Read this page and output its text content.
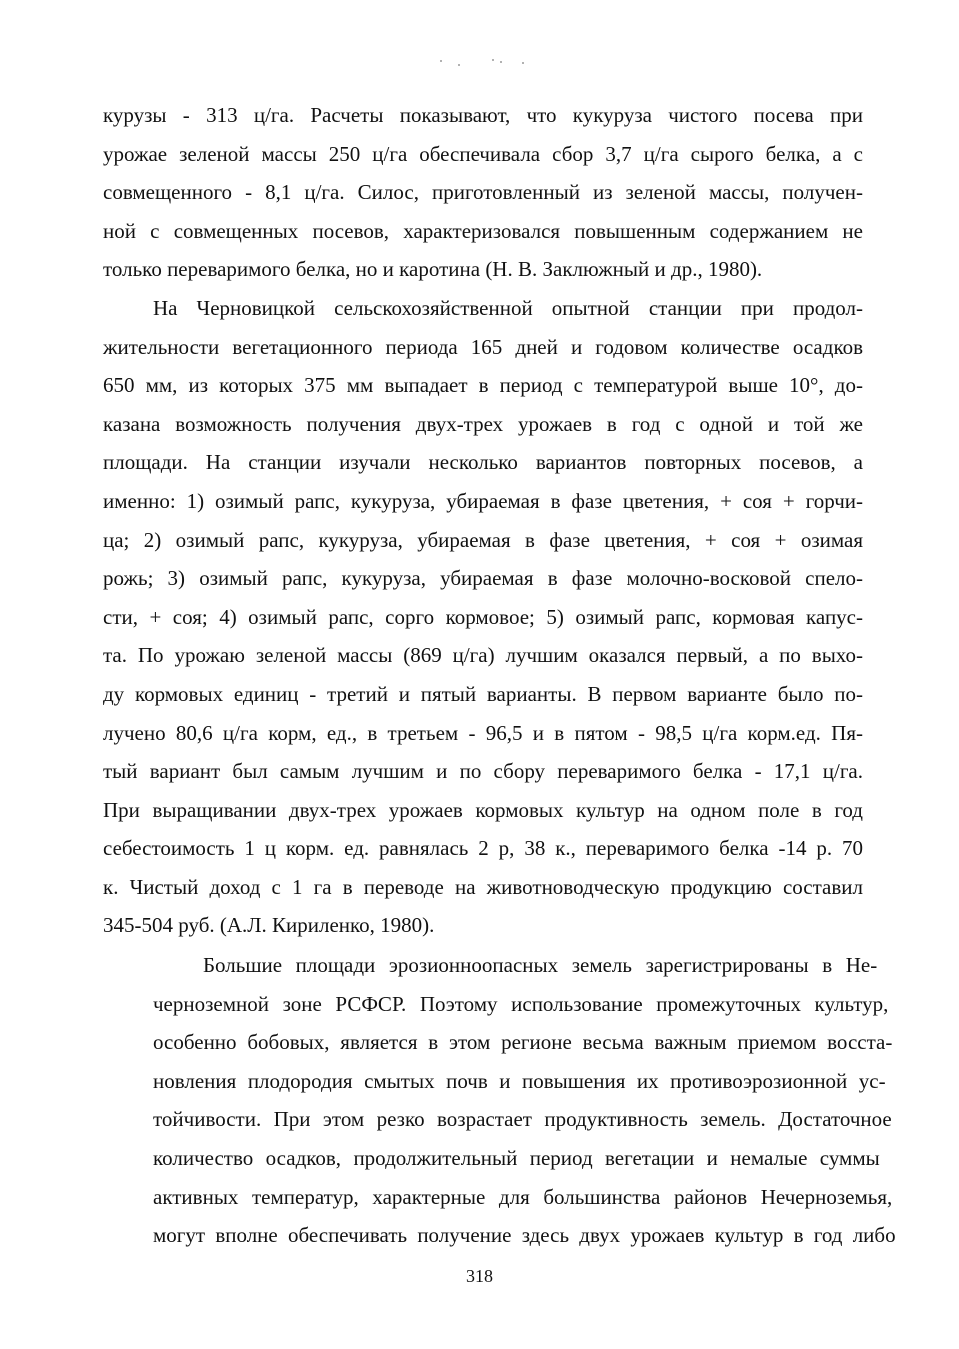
курузы - 313 ц/га. Расчеты показывают, что кукуруза чистого посева при
урожае зеленой массы 250 ц/га обеспечивала сбор 3,7 ц/га сырого белка, а с
совмещенного - 8,1 ц/га. Силос, приготовленный из зеленой массы, получен-
ной с совмещенных посевов, характеризовался повышенным содержанием не
только переваримого белка, но и каротина (Н. В. Заклюжный и др., 1980).
На Черновицкой сельскохозяйственной опытной станции при продол-
жительности вегетационного периода 165 дней и годовом количестве осадков
650 мм, из которых 375 мм выпадает в период с температурой выше 10°, до-
казана возможность получения двух-трех урожаев в год с одной и той же
площади. На станции изучали несколько вариантов повторных посевов, а
именно: 1) озимый рапс, кукуруза, убираемая в фазе цветения, + соя + горчи-
ца; 2) озимый рапс, кукуруза, убираемая в фазе цветения, + соя + озимая
рожь; 3) озимый рапс, кукуруза, убираемая в фазе молочно-восковой спело-
сти, + соя; 4) озимый рапс, сорго кормовое; 5) озимый рапс, кормовая капус-
та. По урожаю зеленой массы (869 ц/га) лучшим оказался первый, а по выхо-
ду кормовых единиц - третий и пятый варианты. В первом варианте было по-
лучено 80,6 ц/га корм, ед., в третьем - 96,5 и в пятом - 98,5 ц/га корм.ед. Пя-
тый вариант был самым лучшим и по сбору переваримого белка - 17,1 ц/га.
При выращивании двух-трех урожаев кормовых культур на одном поле в год
себестоимость 1 ц корм. ед. равнялась 2 р, 38 к., переваримого белка -14 р. 70
к. Чистый доход с 1 га в переводе на животноводческую продукцию составил
345-504 руб. (А.Л. Кириленко, 1980).
Большие площади эрозионноопасных земель зарегистрированы в Не-
черноземной зоне РСФСР. Поэтому использование промежуточных культур,
особенно бобовых, является в этом регионе весьма важным приемом восста-
новления плодородия смытых почв и повышения их противоэрозионной ус-
тойчивости. При этом резко возрастает продуктивность земель. Достаточное
количество осадков, продолжительный период вегетации и немалые суммы
активных температур, характерные для большинства районов Нечерноземья,
могут вполне обеспечивать получение здесь двух урожаев культур в год либо
318
